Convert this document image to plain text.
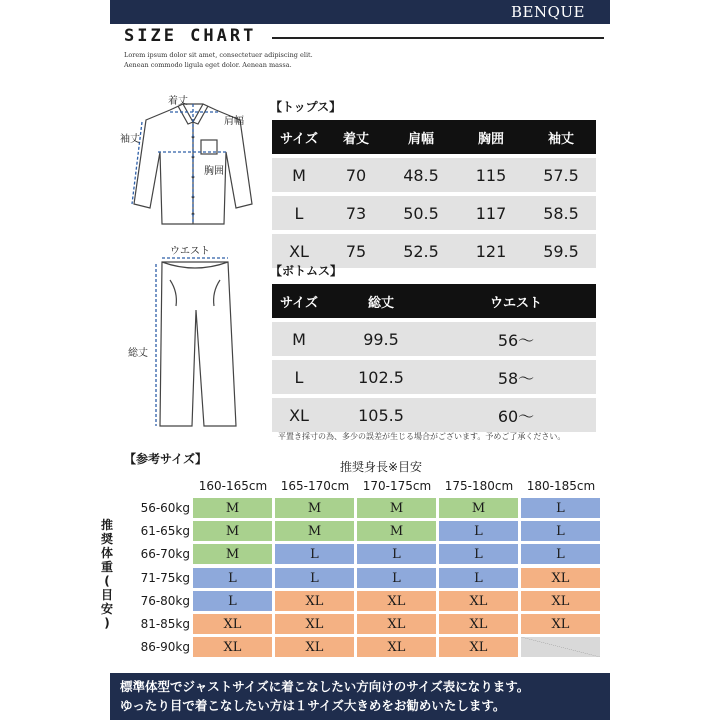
BENQUE
SIZE CHART
Lorem ipsum dolor sit amet, consectetuer adipiscing elit.
Aenean commodo ligula eget dolor. Aenean massa.
着丈
肩幅
袖丈
胸囲
ウエスト
総丈
【トップス】
サイズ	着丈	肩幅	胸囲	袖丈
M	70	48.5	115	57.5
L	73	50.5	117	58.5
XL	75	52.5	121	59.5
【ボトムス】
サイズ	総丈	ウエスト
M	99.5	56〜
L	102.5	58〜
XL	105.5	60〜
平置き採寸の為、多少の誤差が生じる場合がございます。予めご了承ください。
【参考サイズ】
推奨身長※目安
推
奨
体
重
(
目
安
)
160-165cm	165-170cm	170-175cm	175-180cm	180-185cm
56-60kg	M	M	M	M	L
61-65kg	M	M	M	L	L
66-70kg	M	L	L	L	L
71-75kg	L	L	L	L	XL
76-80kg	L	XL	XL	XL	XL
81-85kg	XL	XL	XL	XL	XL
86-90kg	XL	XL	XL	XL
標準体型でジャストサイズに着こなしたい方向けのサイズ表になります。
ゆったり目で着こなしたい方は１サイズ大きめをお勧めいたします。
